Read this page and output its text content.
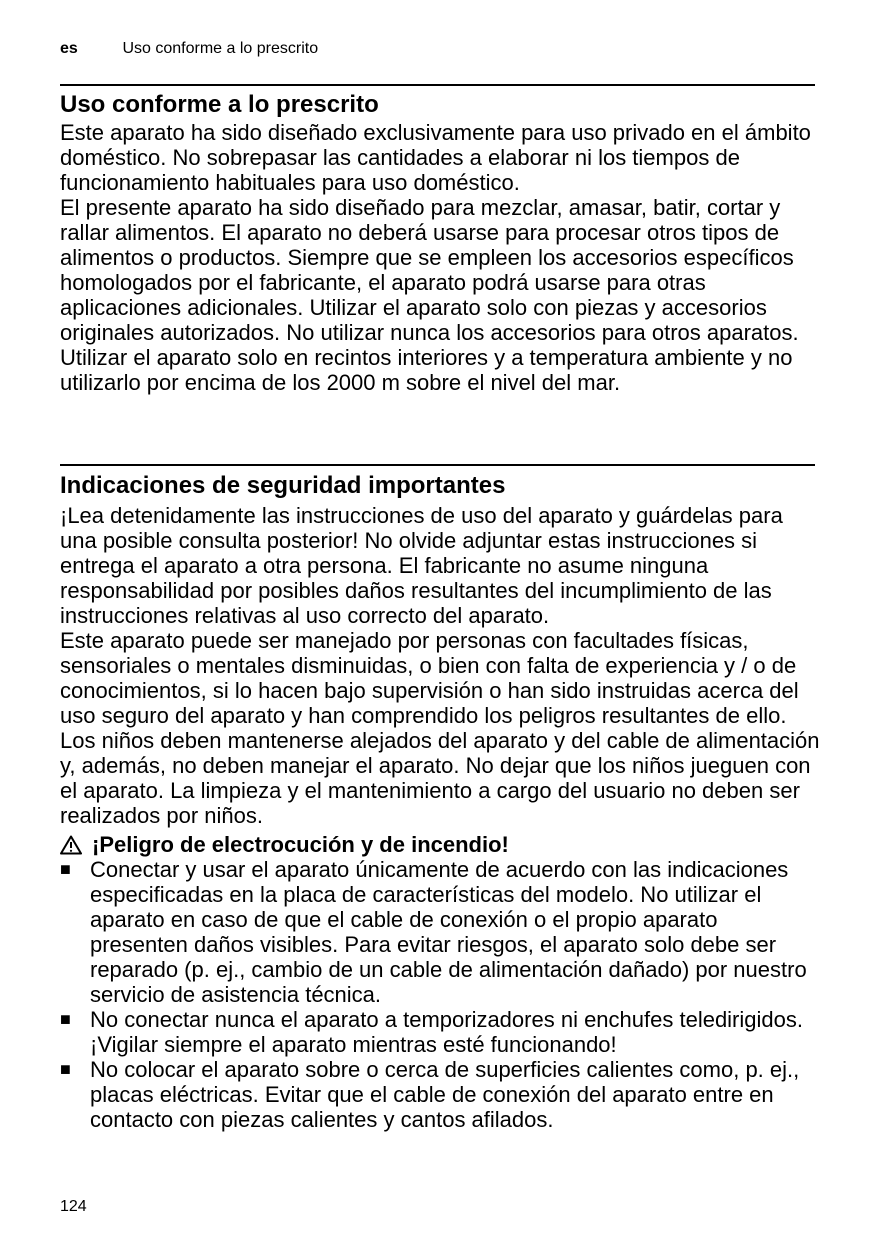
es	Uso conforme a lo prescrito
Uso conforme a lo prescrito

Este aparato ha sido diseñado exclusivamente para uso privado en el ámbito doméstico. No sobrepasar las cantidades a elaborar ni los tiempos de funcionamiento habituales para uso doméstico.

El presente aparato ha sido diseñado para mezclar, amasar, batir, cortar y rallar alimentos. El aparato no deberá usarse para procesar otros tipos de alimentos o productos. Siempre que se empleen los accesorios específicos homologados por el fabricante, el aparato podrá usarse para otras aplicaciones adicionales. Utilizar el aparato solo con piezas y accesorios originales autorizados. No utilizar nunca los accesorios para otros aparatos.

Utilizar el aparato solo en recintos interiores y a temperatura ambiente y no utilizarlo por encima de los 2000 m sobre el nivel del mar.

Indicaciones de seguridad importantes

¡Lea detenidamente las instrucciones de uso del aparato y guárdelas para una posible consulta posterior! No olvide adjuntar estas instrucciones si entrega el aparato a otra persona. El fabricante no asume ninguna responsabilidad por posibles daños resultantes del incumplimiento de las instrucciones relativas al uso correcto del aparato.

Este aparato puede ser manejado por personas con facultades físicas, sensoriales o mentales disminuidas, o bien con falta de experiencia y / o de conocimientos, si lo hacen bajo supervisión o han sido instruidas acerca del uso seguro del aparato y han comprendido los peligros resultantes de ello. Los niños deben mantenerse alejados del aparato y del cable de alimentación y, además, no deben manejar el aparato. No dejar que los niños jueguen con el aparato. La limpieza y el mantenimiento a cargo del usuario no deben ser realizados por niños.

¡Peligro de electrocución y de incendio!
■ Conectar y usar el aparato únicamente de acuerdo con las indicaciones especificadas en la placa de características del modelo. No utilizar el aparato en caso de que el cable de conexión o el propio aparato presenten daños visibles. Para evitar riesgos, el aparato solo debe ser reparado (p. ej., cambio de un cable de alimentación dañado) por nuestro servicio de asistencia técnica.
■ No conectar nunca el aparato a temporizadores ni enchufes teledirigidos. ¡Vigilar siempre el aparato mientras esté funcionando!
■ No colocar el aparato sobre o cerca de superficies calientes como, p. ej., placas eléctricas. Evitar que el cable de conexión del aparato entre en contacto con piezas calientes y cantos afilados.
124
